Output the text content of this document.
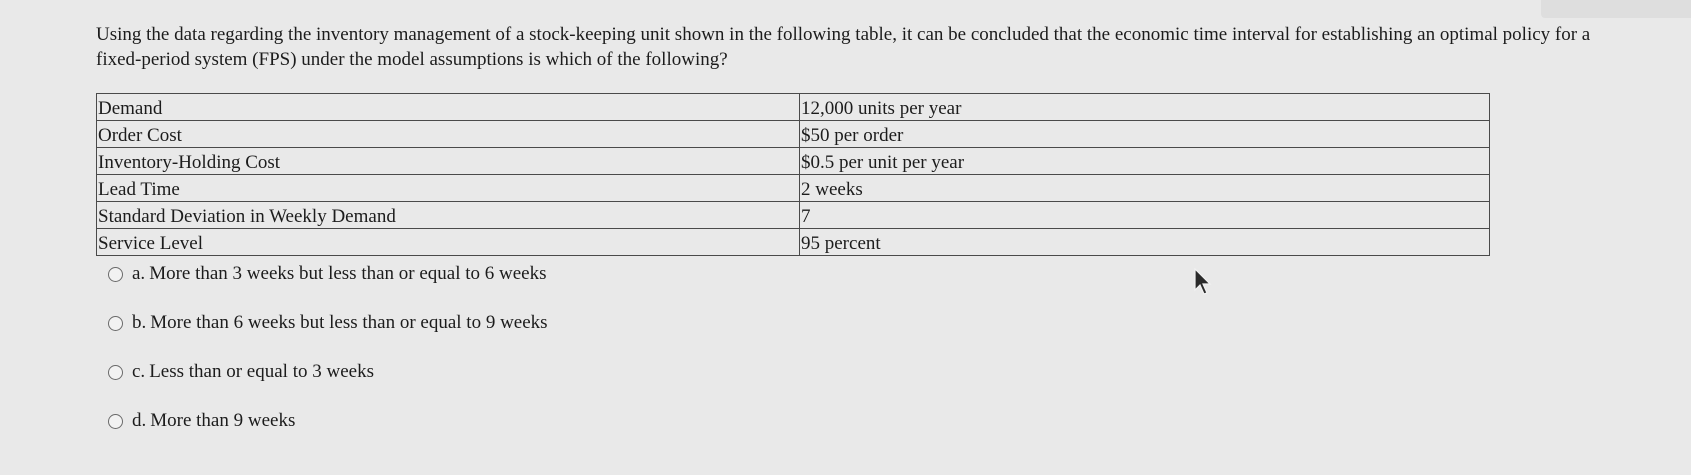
Using the data regarding the inventory management of a stock-keeping unit shown in the following table, it can be concluded that the economic time interval for establishing an optimal policy for a fixed-period system (FPS) under the model assumptions is which of the following?
Demand	12,000 units per year
Order Cost	$50 per order
Inventory-Holding Cost	$0.5 per unit per year
Lead Time	2 weeks
Standard Deviation in Weekly Demand	7
Service Level	95 percent
a. More than 3 weeks but less than or equal to 6 weeks
b. More than 6 weeks but less than or equal to 9 weeks
c. Less than or equal to 3 weeks
d. More than 9 weeks
